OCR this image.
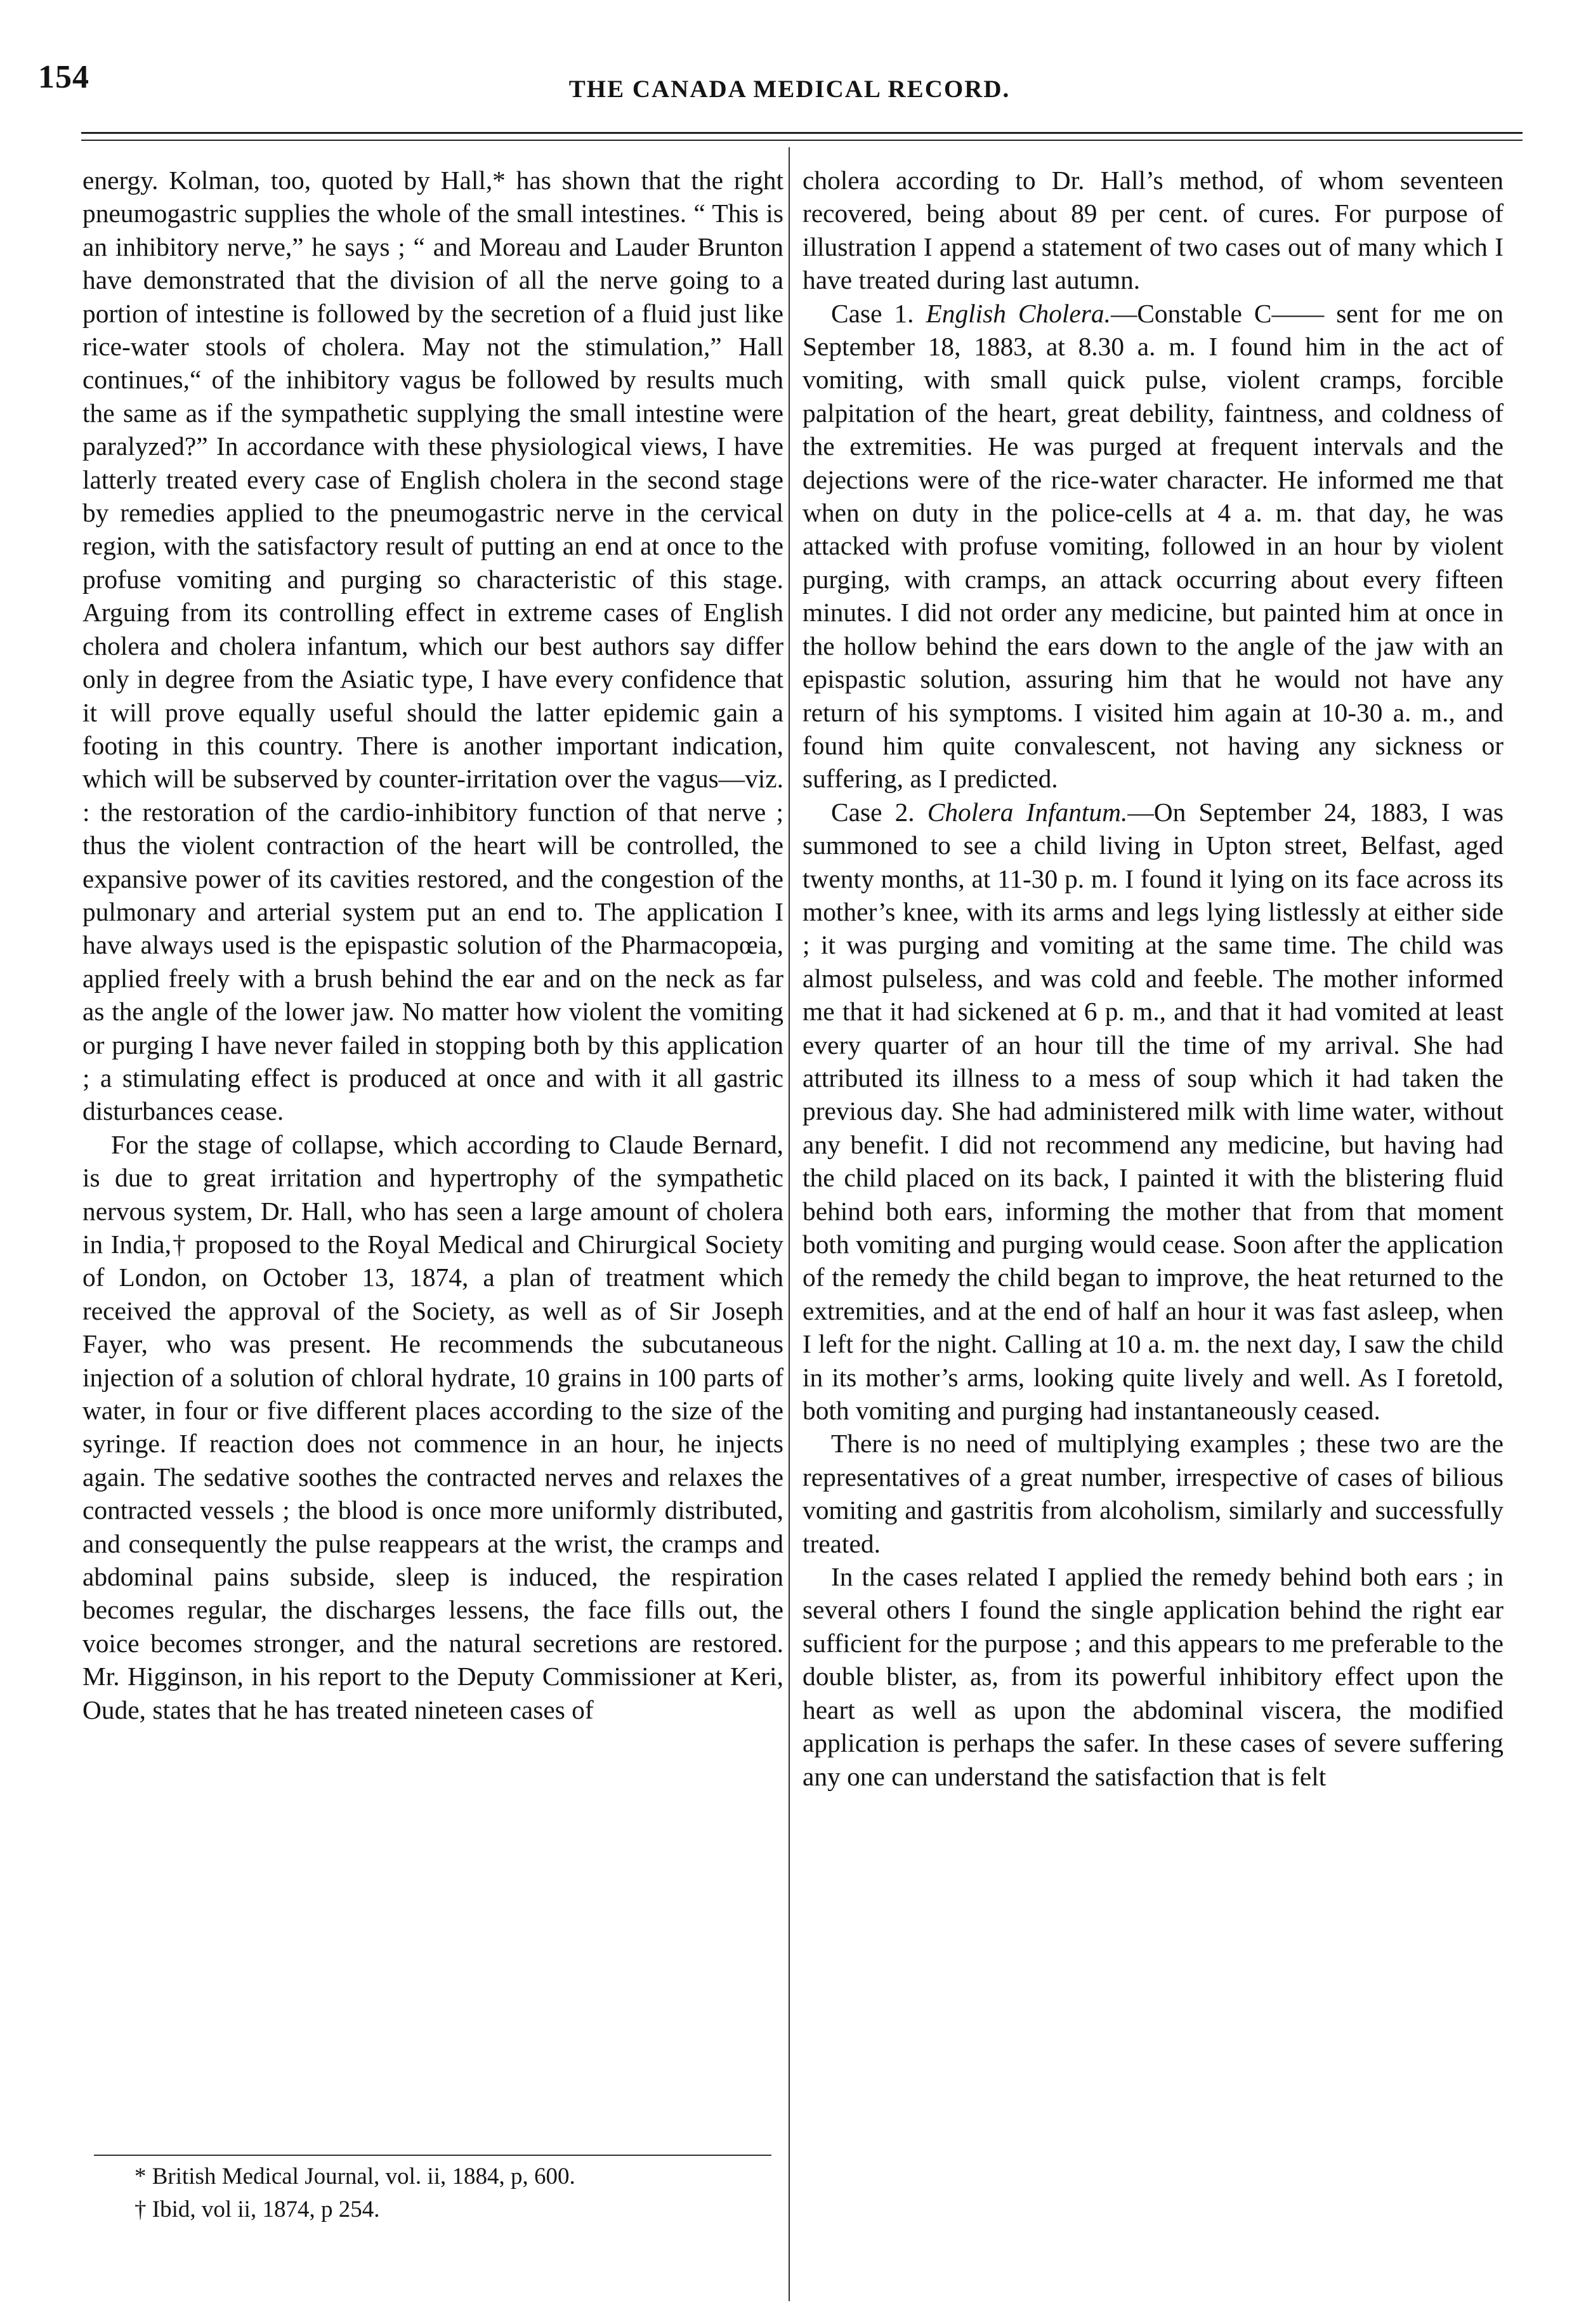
154	THE CANADA MEDICAL RECORD.

energy. Kolman, too, quoted by Hall,* has shown that the right pneumogastric supplies the whole of the small intestines. “ This is an inhibitory nerve,” he says ; “ and Moreau and Lauder Brunton have demonstrated that the division of all the nerve going to a portion of intestine is followed by the secretion of a fluid just like rice-water stools of cholera. May not the stimulation,” Hall continues,“ of the inhibitory vagus be followed by results much the same as if the sympathetic supplying the small intestine were paralyzed?” In accordance with these physiological views, I have latterly treated every case of English cholera in the second stage by remedies applied to the pneumogastric nerve in the cervical region, with the satisfactory result of putting an end at once to the profuse vomiting and purging so characteristic of this stage. Arguing from its controlling effect in extreme cases of English cholera and cholera infantum, which our best authors say differ only in degree from the Asiatic type, I have every confidence that it will prove equally useful should the latter epidemic gain a footing in this country. There is another important indication, which will be subserved by counter-irritation over the vagus—viz. : the restoration of the cardio-inhibitory function of that nerve ; thus the violent contraction of the heart will be controlled, the expansive power of its cavities restored, and the congestion of the pulmonary and arterial system put an end to. The application I have always used is the epispastic solution of the Pharmacopœia, applied freely with a brush behind the ear and on the neck as far as the angle of the lower jaw. No matter how violent the vomiting or purging I have never failed in stopping both by this application ; a stimulating effect is produced at once and with it all gastric disturbances cease.

For the stage of collapse, which according to Claude Bernard, is due to great irritation and hypertrophy of the sympathetic nervous system, Dr. Hall, who has seen a large amount of cholera in India,† proposed to the Royal Medical and Chirurgical Society of London, on October 13, 1874, a plan of treatment which received the approval of the Society, as well as of Sir Joseph Fayer, who was present. He recommends the subcutaneous injection of a solution of chloral hydrate, 10 grains in 100 parts of water, in four or five different places according to the size of the syringe. If reaction does not commence in an hour, he injects again. The sedative soothes the contracted nerves and relaxes the contracted vessels ; the blood is once more uniformly distributed, and consequently the pulse reappears at the wrist, the cramps and abdominal pains subside, sleep is induced, the respiration becomes regular, the discharges lessens, the face fills out, the voice becomes stronger, and the natural secretions are restored. Mr. Higginson, in his report to the Deputy Commissioner at Keri, Oude, states that he has treated nineteen cases of

cholera according to Dr. Hall’s method, of whom seventeen recovered, being about 89 per cent. of cures. For purpose of illustration I append a statement of two cases out of many which I have treated during last autumn.

Case 1. English Cholera.—Constable C—— sent for me on September 18, 1883, at 8.30 a. m. I found him in the act of vomiting, with small quick pulse, violent cramps, forcible palpitation of the heart, great debility, faintness, and coldness of the extremities. He was purged at frequent intervals and the dejections were of the rice-water character. He informed me that when on duty in the police-cells at 4 a. m. that day, he was attacked with profuse vomiting, followed in an hour by violent purging, with cramps, an attack occurring about every fifteen minutes. I did not order any medicine, but painted him at once in the hollow behind the ears down to the angle of the jaw with an epispastic solution, assuring him that he would not have any return of his symptoms. I visited him again at 10-30 a. m., and found him quite convalescent, not having any sickness or suffering, as I predicted.

Case 2. Cholera Infantum.—On September 24, 1883, I was summoned to see a child living in Upton street, Belfast, aged twenty months, at 11-30 p. m. I found it lying on its face across its mother’s knee, with its arms and legs lying listlessly at either side ; it was purging and vomiting at the same time. The child was almost pulseless, and was cold and feeble. The mother informed me that it had sickened at 6 p. m., and that it had vomited at least every quarter of an hour till the time of my arrival. She had attributed its illness to a mess of soup which it had taken the previous day. She had administered milk with lime water, without any benefit. I did not recommend any medicine, but having had the child placed on its back, I painted it with the blistering fluid behind both ears, informing the mother that from that moment both vomiting and purging would cease. Soon after the application of the remedy the child began to improve, the heat returned to the extremities, and at the end of half an hour it was fast asleep, when I left for the night. Calling at 10 a. m. the next day, I saw the child in its mother’s arms, looking quite lively and well. As I foretold, both vomiting and purging had instantaneously ceased.

There is no need of multiplying examples ; these two are the representatives of a great number, irrespective of cases of bilious vomiting and gastritis from alcoholism, similarly and successfully treated.

In the cases related I applied the remedy behind both ears ; in several others I found the single application behind the right ear sufficient for the purpose ; and this appears to me preferable to the double blister, as, from its powerful inhibitory effect upon the heart as well as upon the abdominal viscera, the modified application is perhaps the safer. In these cases of severe suffering any one can understand the satisfaction that is felt

* British Medical Journal, vol. ii, 1884, p, 600.
† Ibid, vol ii, 1874, p 254.
